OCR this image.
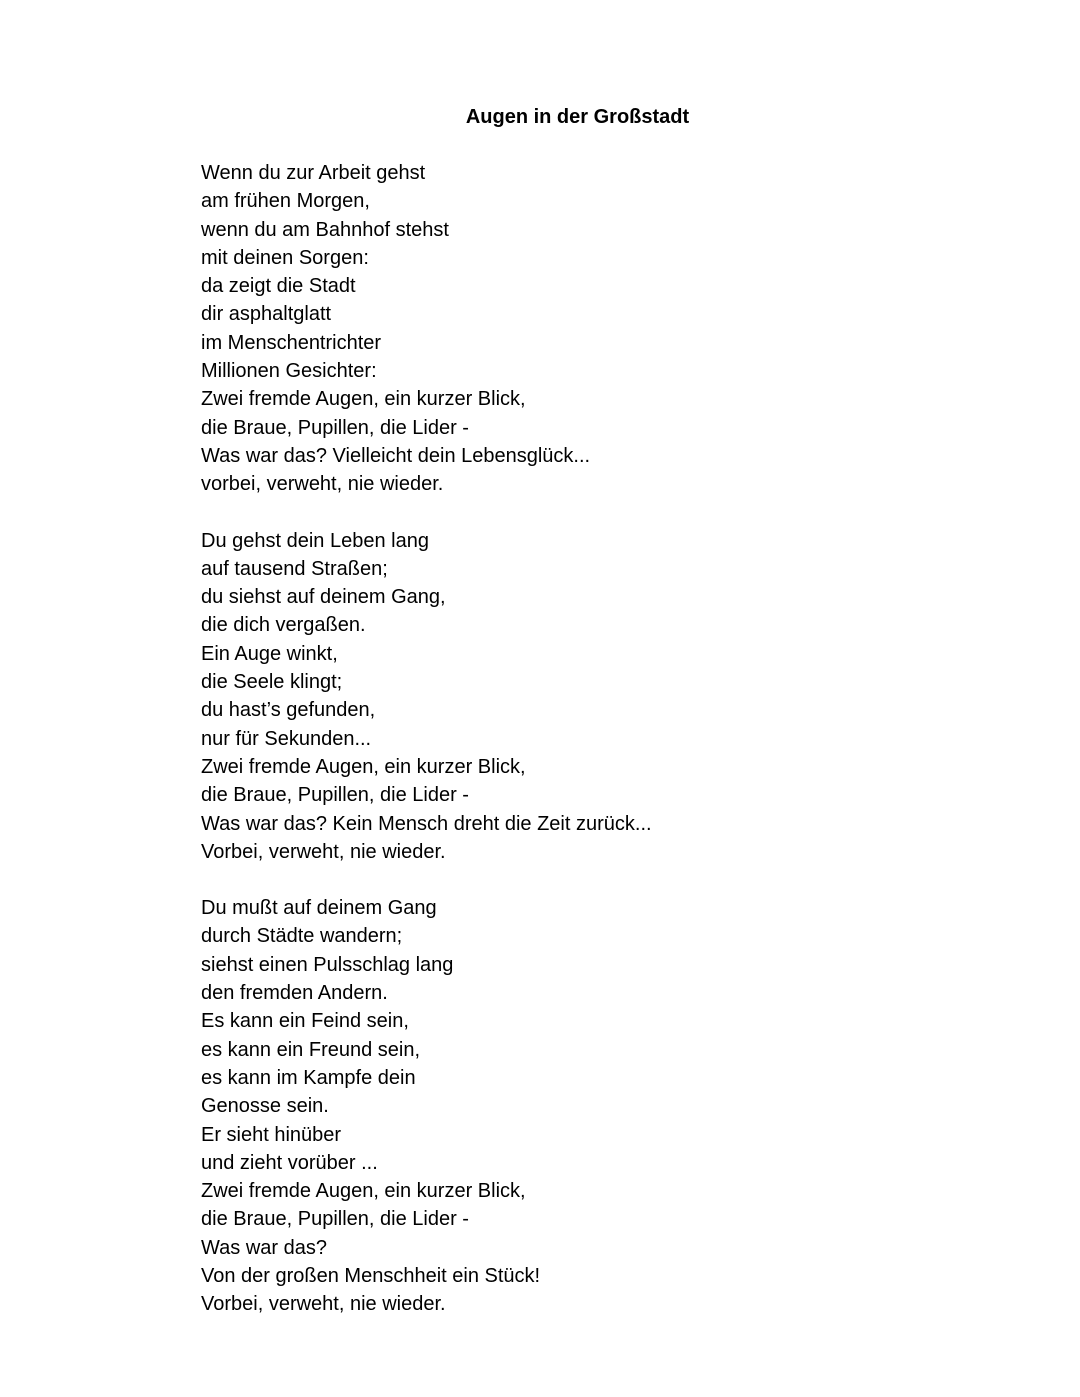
Augen in der Großstadt
Wenn du zur Arbeit gehst
am frühen Morgen,
wenn du am Bahnhof stehst
mit deinen Sorgen:
da zeigt die Stadt
dir asphaltglatt
im Menschentrichter
Millionen Gesichter:
Zwei fremde Augen, ein kurzer Blick,
die Braue, Pupillen, die Lider -
Was war das? Vielleicht dein Lebensglück...
vorbei, verweht, nie wieder.
Du gehst dein Leben lang
auf tausend Straßen;
du siehst auf deinem Gang,
die dich vergaßen.
Ein Auge winkt,
die Seele klingt;
du hast’s gefunden,
nur für Sekunden...
Zwei fremde Augen, ein kurzer Blick,
die Braue, Pupillen, die Lider -
Was war das? Kein Mensch dreht die Zeit zurück...
Vorbei, verweht, nie wieder.
Du mußt auf deinem Gang
durch Städte wandern;
siehst einen Pulsschlag lang
den fremden Andern.
Es kann ein Feind sein,
es kann ein Freund sein,
es kann im Kampfe dein
Genosse sein.
Er sieht hinüber
und zieht vorüber ...
Zwei fremde Augen, ein kurzer Blick,
die Braue, Pupillen, die Lider -
Was war das?
Von der großen Menschheit ein Stück!
Vorbei, verweht, nie wieder.
